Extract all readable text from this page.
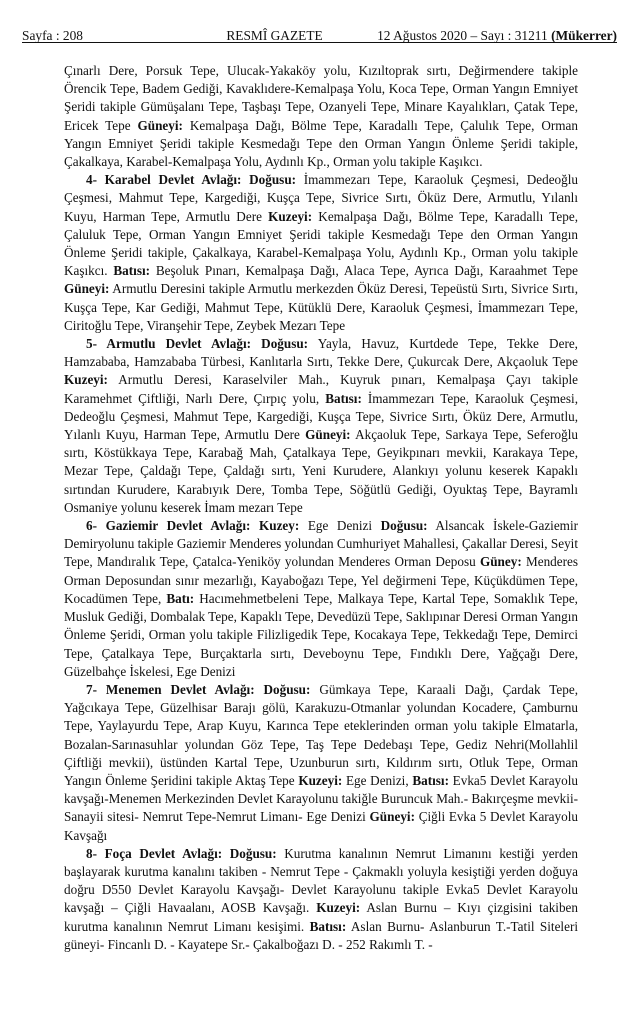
Sayfa : 208	RESMÎ GAZETE	12 Ağustos 2020 – Sayı : 31211 (Mükerrer)

Çınarlı Dere, Porsuk Tepe, Ulucak-Yakaköy yolu, Kızıltoprak sırtı, Değirmendere takiple Örencik Tepe, Badem Gediği, Kavaklıdere-Kemalpaşa Yolu, Koca Tepe, Orman Yangın Emniyet Şeridi takiple Gümüşalanı Tepe, Taşbaşı Tepe, Ozanyeli Tepe, Minare Kayalıkları, Çatak Tepe, Ericek Tepe Güneyi: Kemalpaşa Dağı, Bölme Tepe, Karadallı Tepe, Çalulık Tepe, Orman Yangın Emniyet Şeridi takiple Kesmedağı Tepe den Orman Yangın Önleme Şeridi takiple, Çakalkaya, Karabel-Kemalpaşa Yolu, Aydınlı Kp., Orman yolu takiple Kaşıkcı.

4- Karabel Devlet Avlağı: Doğusu: İmammezarı Tepe, Karaoluk Çeşmesi, Dedeoğlu Çeşmesi, Mahmut Tepe, Kargediği, Kuşça Tepe, Sivrice Sırtı, Öküz Dere, Armutlu, Yılanlı Kuyu, Harman Tepe, Armutlu Dere Kuzeyi: Kemalpaşa Dağı, Bölme Tepe, Karadallı Tepe, Çaluluk Tepe, Orman Yangın Emniyet Şeridi takiple Kesmedağı Tepe den Orman Yangın Önleme Şeridi takiple, Çakalkaya, Karabel-Kemalpaşa Yolu, Aydınlı Kp., Orman yolu takiple Kaşıkcı. Batısı: Beşoluk Pınarı, Kemalpaşa Dağı, Alaca Tepe, Ayrıca Dağı, Karaahmet Tepe Güneyi: Armutlu Deresini takiple Armutlu merkezden Öküz Deresi, Tepeüstü Sırtı, Sivrice Sırtı, Kuşça Tepe, Kar Gediği, Mahmut Tepe, Kütüklü Dere, Karaoluk Çeşmesi, İmammezarı Tepe, Ciritoğlu Tepe, Viranşehir Tepe, Zeybek Mezarı Tepe

5- Armutlu Devlet Avlağı: Doğusu: Yayla, Havuz, Kurtdede Tepe, Tekke Dere, Hamzababa, Hamzababa Türbesi, Kanlıtarla Sırtı, Tekke Dere, Çukurcak Dere, Akçaoluk Tepe Kuzeyi: Armutlu Deresi, Karaselviler Mah., Kuyruk pınarı, Kemalpaşa Çayı takiple Karamehmet Çiftliği, Narlı Dere, Çırpıç yolu, Batısı: İmammezarı Tepe, Karaoluk Çeşmesi, Dedeoğlu Çeşmesi, Mahmut Tepe, Kargediği, Kuşça Tepe, Sivrice Sırtı, Öküz Dere, Armutlu, Yılanlı Kuyu, Harman Tepe, Armutlu Dere Güneyi: Akçaoluk Tepe, Sarkaya Tepe, Seferoğlu sırtı, Köstükkaya Tepe, Karabağ Mah, Çatalkaya Tepe, Geyikpınarı mevkii, Karakaya Tepe, Mezar Tepe, Çaldağı Tepe, Çaldağı sırtı, Yeni Kurudere, Alankıyı yolunu keserek Kapaklı sırtından Kurudere, Karabıyık Dere, Tomba Tepe, Söğütlü Gediği, Oyuktaş Tepe, Bayramlı Osmaniye yolunu keserek İmam mezarı Tepe

6- Gaziemir Devlet Avlağı: Kuzey: Ege Denizi Doğusu: Alsancak İskele-Gaziemir Demiryolunu takiple Gaziemir Menderes yolundan Cumhuriyet Mahallesi, Çakallar Deresi, Seyit Tepe, Mandıralık Tepe, Çatalca-Yeniköy yolundan Menderes Orman Deposu Güney: Menderes Orman Deposundan sınır mezarlığı, Kayaboğazı Tepe, Yel değirmeni Tepe, Küçükdümen Tepe, Kocadümen Tepe, Batı: Hacımehmetbeleni Tepe, Malkaya Tepe, Kartal Tepe, Somaklık Tepe, Musluk Gediği, Dombalak Tepe, Kapaklı Tepe, Devedüzü Tepe, Saklıpınar Deresi Orman Yangın Önleme Şeridi, Orman yolu takiple Filizligedik Tepe, Kocakaya Tepe, Tekkedağı Tepe, Demirci Tepe, Çatalkaya Tepe, Burçaktarla sırtı, Deveboynu Tepe, Fındıklı Dere, Yağçağı Dere, Güzelbahçe İskelesi, Ege Denizi

7- Menemen Devlet Avlağı: Doğusu: Gümkaya Tepe, Karaali Dağı, Çardak Tepe, Yağcıkaya Tepe, Güzelhisar Barajı gölü, Karakuzu-Otmanlar yolundan Kocadere, Çamburnu Tepe, Yaylayurdu Tepe, Arap Kuyu, Karınca Tepe eteklerinden orman yolu takiple Elmatarla, Bozalan-Sarınasuhlar yolundan Göz Tepe, Taş Tepe Dedebaşı Tepe, Gediz Nehri(Mollahlil Çiftliği mevkii), üstünden Kartal Tepe, Uzunburun sırtı, Kıldırım sırtı, Otluk Tepe, Orman Yangın Önleme Şeridini takiple Aktaş Tepe Kuzeyi: Ege Denizi, Batısı: Evka5 Devlet Karayolu kavşağı-Menemen Merkezinden Devlet Karayolunu takiğle Buruncuk Mah.- Bakırçeşme mevkii- Sanayii sitesi- Nemrut Tepe-Nemrut Limanı- Ege Denizi Güneyi: Çiğli Evka 5 Devlet Karayolu Kavşağı

8- Foça Devlet Avlağı: Doğusu: Kurutma kanalının Nemrut Limanını kestiği yerden başlayarak kurutma kanalını takiben - Nemrut Tepe - Çakmaklı yoluyla kesiştiği yerden doğuya doğru D550 Devlet Karayolu Kavşağı- Devlet Karayolunu takiple Evka5 Devlet Karayolu kavşağı – Çiğli Havaalanı, AOSB Kavşağı. Kuzeyi: Aslan Burnu – Kıyı çizgisini takiben kurutma kanalının Nemrut Limanı kesişimi. Batısı: Aslan Burnu- Aslanburun T.-Tatil Siteleri güneyi- Fincanlı D. - Kayatepe Sr.- Çakalboğazı D. - 252 Rakımlı T. -
